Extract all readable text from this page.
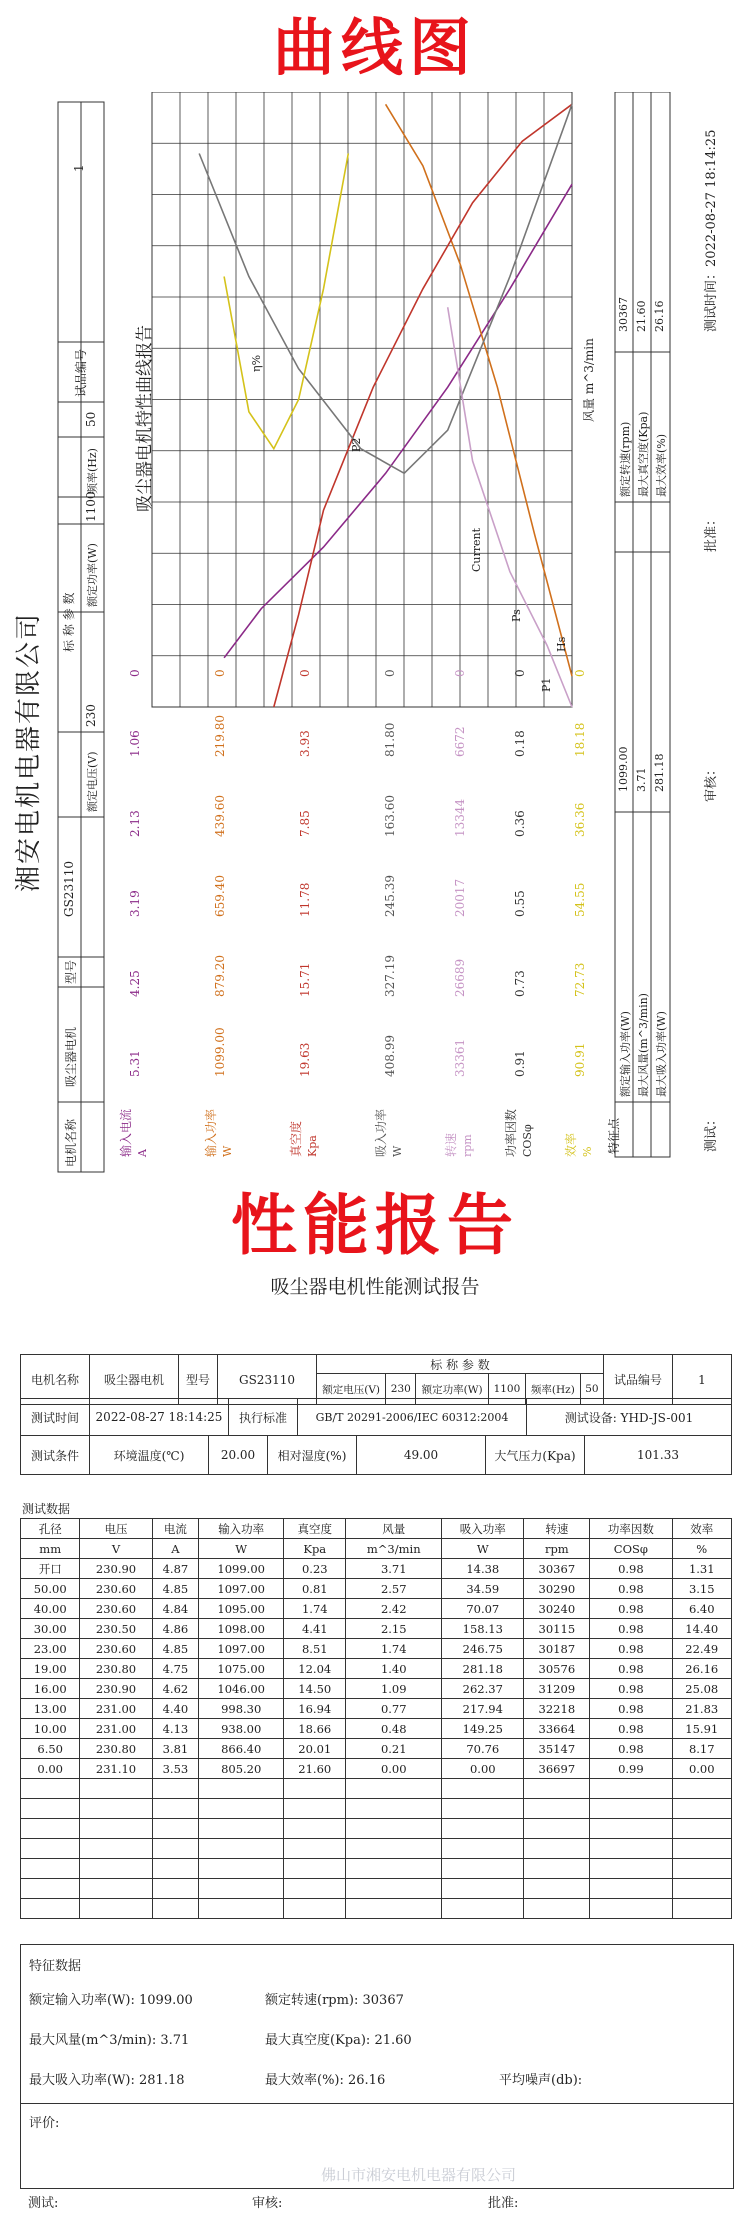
曲线图
湘安电机电器有限公司
电机名称
吸尘器电机
型号
GS23110
标 称 参 数
额定电压(V)
230
额定功率(W)
1100
频率(Hz)
50
试品编号
1
输入电流 A	输入功率 W	真空度 Kpa	吸入功率 W	转速 rpm	功率因数 COSφ	效率 %
5.31	1099.00	19.63	408.99	33361	0.91	90.91
4.25	879.20	15.71	327.19	26689	0.73	72.73
3.19	659.40	11.78	245.39	20017	0.55	54.55
2.13	439.60	7.85	163.60	13344	0.36	36.36
1.06	219.80	3.93	81.80	6672	0.18	18.18
0	0	0	0	0	0	0
吸尘器电机特性曲线报告
P1
Current
Ps
η%
Hs
P2
风量 m^3/min
特征点
额定输入功率(W)
1099.00
最大风量(m^3/min)
3.71
最大吸入功率(W)
281.18
额定转速(rpm)
30367
最大真空度(Kpa)
21.60
最大效率(%)
26.16
测试：
审核：
批准：
测试时间：2022-08-27 18:14:25
性能报告
吸尘器电机性能测试报告
电机名称	吸尘器电机	型号	GS23110	标 称 参 数						试品编号	1
				额定电压(V)	230	额定功率(W)	1100	频率(Hz)	50		
测试时间	2022-08-27 18:14:25	执行标准	GB/T 20291-2006/IEC 60312:2004	测试设备: YHD-JS-001
测试条件	环境温度(℃)	20.00	相对湿度(%)	49.00	大气压力(Kpa)	101.33
测试数据
孔径	电压	电流	输入功率	真空度	风量	吸入功率	转速	功率因数	效率
mm	V	A	W	Kpa	m^3/min	W	rpm	COSφ	%
开口	230.90	4.87	1099.00	0.23	3.71	14.38	30367	0.98	1.31
50.00	230.60	4.85	1097.00	0.81	2.57	34.59	30290	0.98	3.15
40.00	230.60	4.84	1095.00	1.74	2.42	70.07	30240	0.98	6.40
30.00	230.50	4.86	1098.00	4.41	2.15	158.13	30115	0.98	14.40
23.00	230.60	4.85	1097.00	8.51	1.74	246.75	30187	0.98	22.49
19.00	230.80	4.75	1075.00	12.04	1.40	281.18	30576	0.98	26.16
16.00	230.90	4.62	1046.00	14.50	1.09	262.37	31209	0.98	25.08
13.00	231.00	4.40	998.30	16.94	0.77	217.94	32218	0.98	21.83
10.00	231.00	4.13	938.00	18.66	0.48	149.25	33664	0.98	15.91
6.50	230.80	3.81	866.40	20.01	0.21	70.76	35147	0.98	8.17
0.00	231.10	3.53	805.20	21.60	0.00	0.00	36697	0.99	0.00

特征数据
额定输入功率(W): 1099.00	额定转速(rpm): 30367
最大风量(m^3/min): 3.71	最大真空度(Kpa): 21.60
最大吸入功率(W): 281.18	最大效率(%): 26.16	平均噪声(db):
评价:
佛山市湘安电机电器有限公司
测试:	审核:	批准:
